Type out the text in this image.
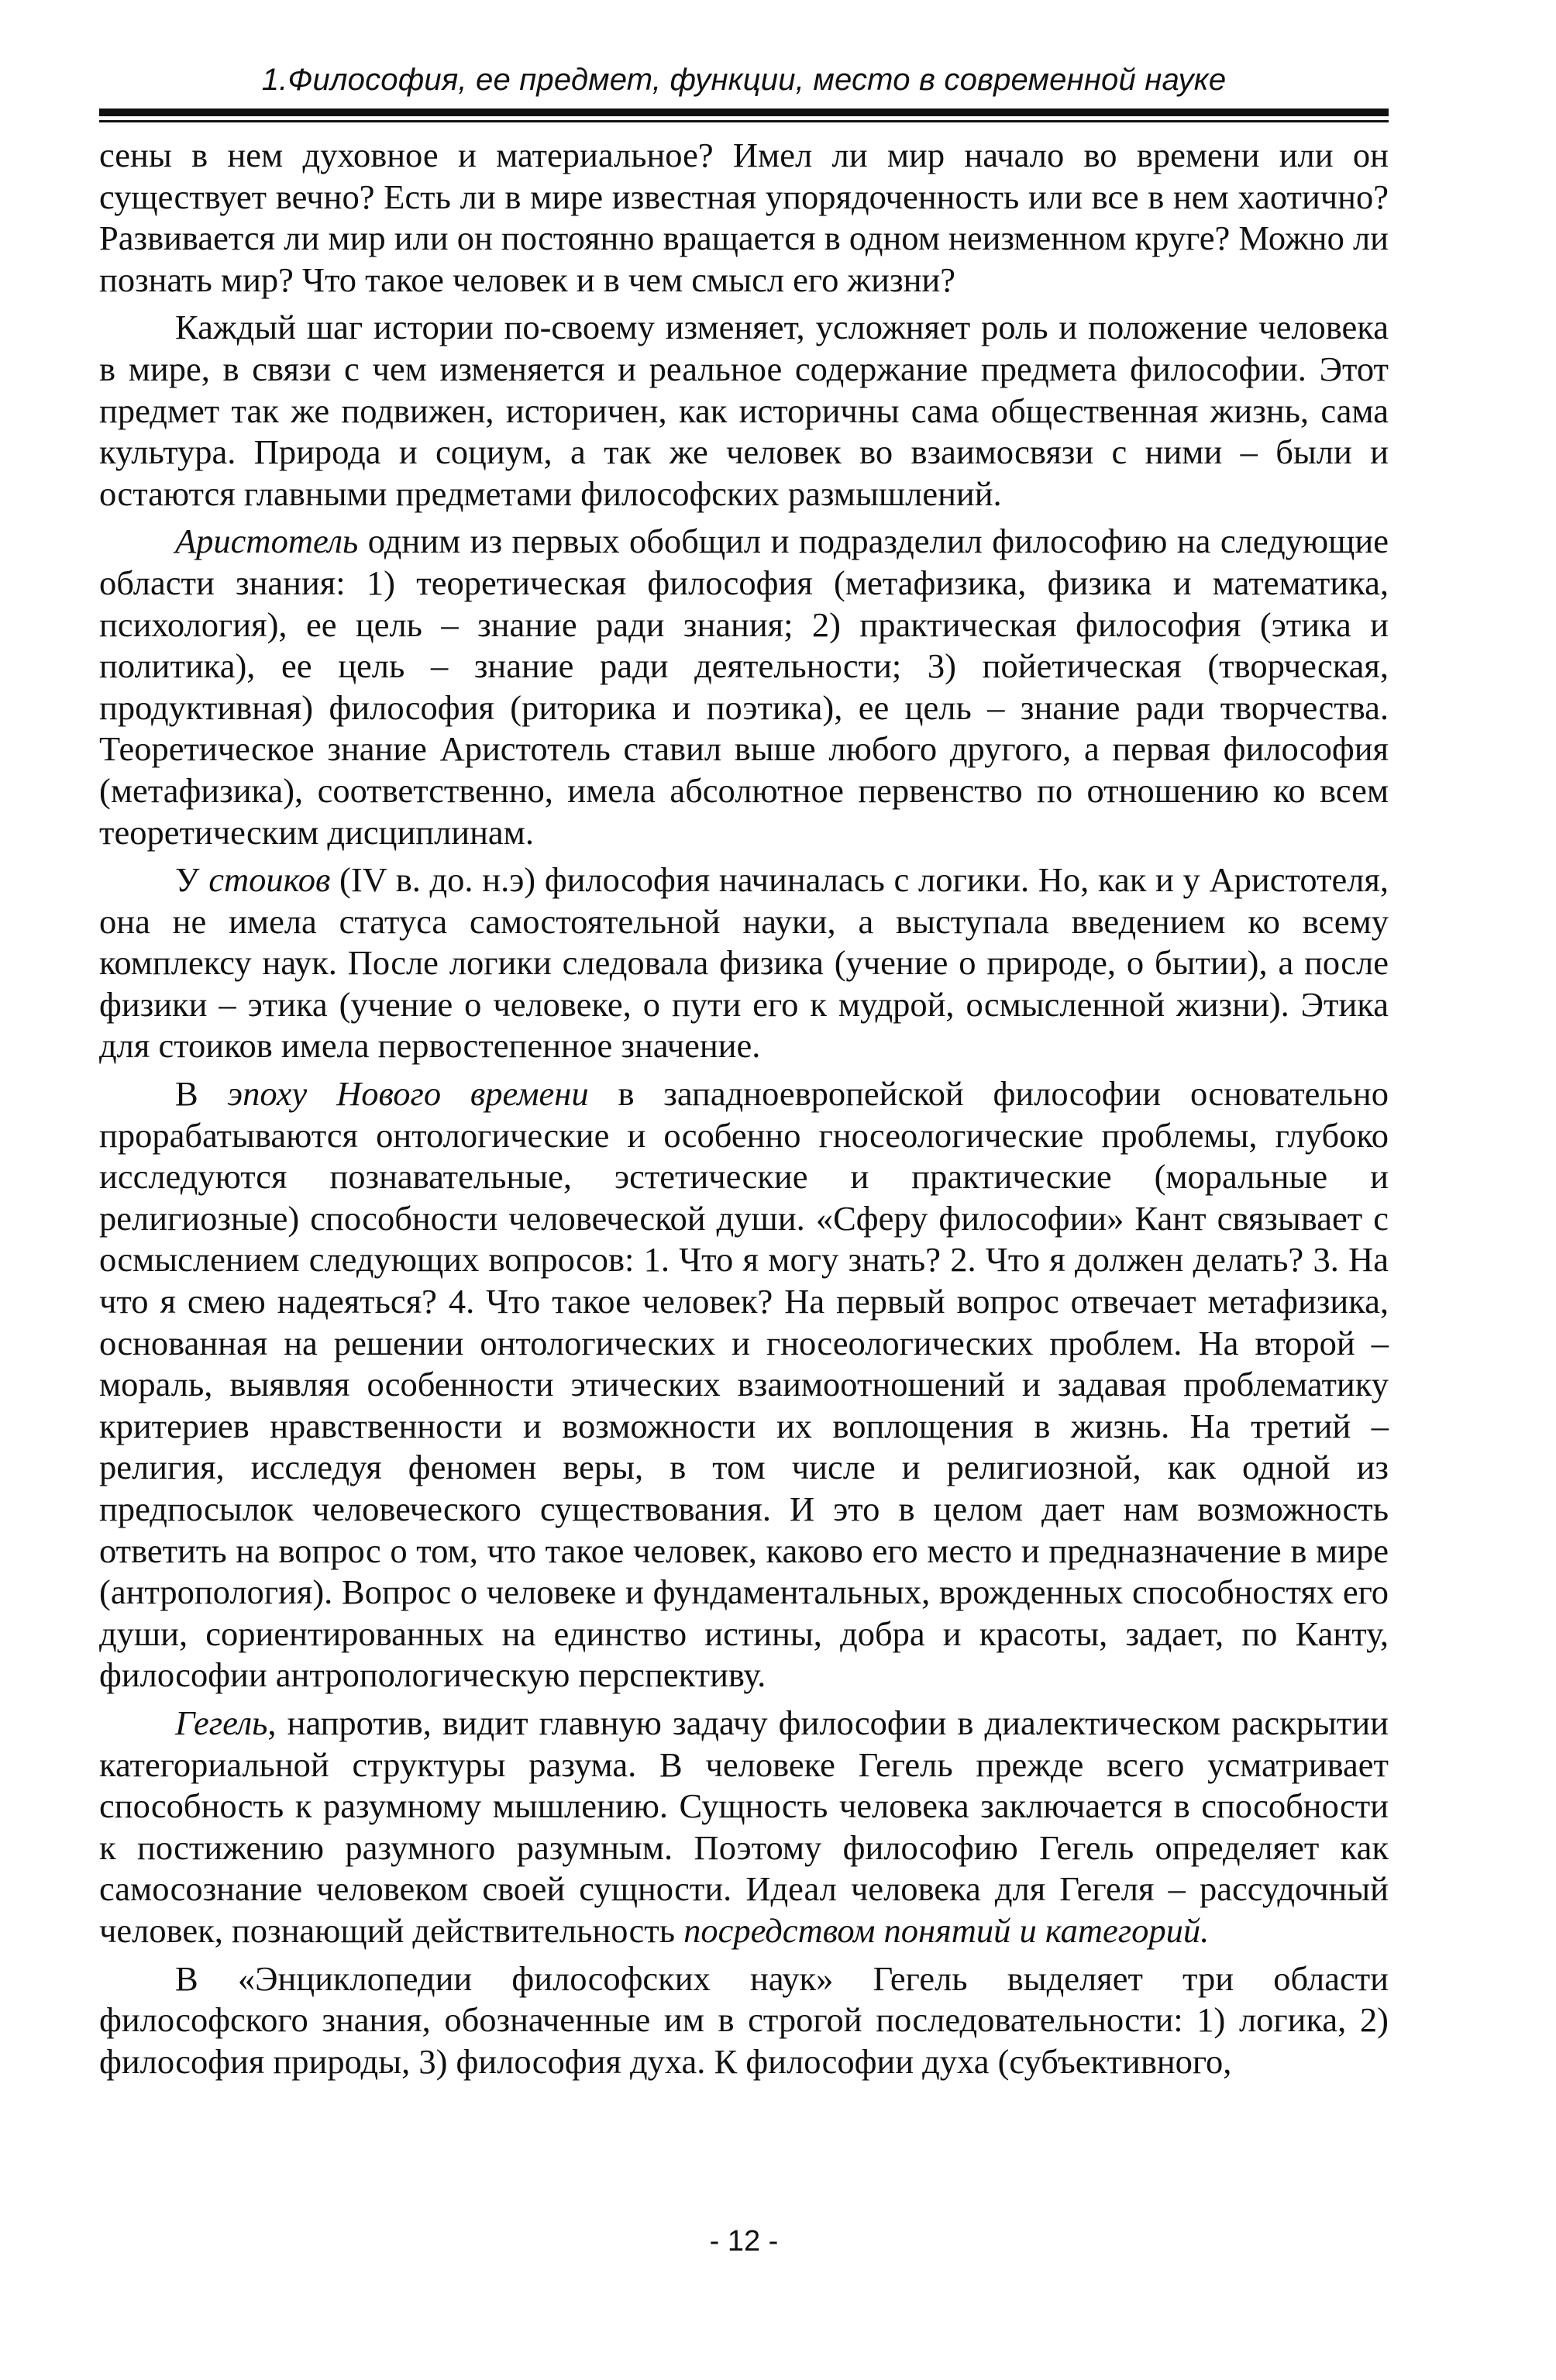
1.Философия, ее предмет, функции, место в современной науке

сены в нем духовное и материальное? Имел ли мир начало во времени или он существует вечно? Есть ли в мире известная упорядоченность или все в нем хаотично? Развивается ли мир или он постоянно вращается в одном неизменном круге? Можно ли познать мир? Что такое человек и в чем смысл его жизни?

Каждый шаг истории по-своему изменяет, усложняет роль и положение человека в мире, в связи с чем изменяется и реальное содержание предмета философии. Этот предмет так же подвижен, историчен, как историчны сама общественная жизнь, сама культура. Природа и социум, а так же человек во взаимосвязи с ними – были и остаются главными предметами философских размышлений.

Аристотель одним из первых обобщил и подразделил философию на следующие области знания: 1) теоретическая философия (метафизика, физика и математика, психология), ее цель – знание ради знания; 2) практическая философия (этика и политика), ее цель – знание ради деятельности; 3) пойетическая (творческая, продуктивная) философия (риторика и поэтика), ее цель – знание ради творчества. Теоретическое знание Аристотель ставил выше любого другого, а первая философия (метафизика), соответственно, имела абсолютное первенство по отношению ко всем теоретическим дисциплинам.

У стоиков (IV в. до. н.э) философия начиналась с логики. Но, как и у Аристотеля, она не имела статуса самостоятельной науки, а выступала введением ко всему комплексу наук. После логики следовала физика (учение о природе, о бытии), а после физики – этика (учение о человеке, о пути его к мудрой, осмысленной жизни). Этика для стоиков имела первостепенное значение.

В эпоху Нового времени в западноевропейской философии основательно прорабатываются онтологические и особенно гносеологические проблемы, глубоко исследуются познавательные, эстетические и практические (моральные и религиозные) способности человеческой души. «Сферу философии» Кант связывает с осмыслением следующих вопросов: 1. Что я могу знать? 2. Что я должен делать? 3. На что я смею надеяться? 4. Что такое человек? На первый вопрос отвечает метафизика, основанная на решении онтологических и гносеологических проблем. На второй – мораль, выявляя особенности этических взаимоотношений и задавая проблематику критериев нравственности и возможности их воплощения в жизнь. На третий – религия, исследуя феномен веры, в том числе и религиозной, как одной из предпосылок человеческого существования. И это в целом дает нам возможность ответить на вопрос о том, что такое человек, каково его место и предназначение в мире (антропология). Вопрос о человеке и фундаментальных, врожденных способностях его души, сориентированных на единство истины, добра и красоты, задает, по Канту, философии антропологическую перспективу.

Гегель, напротив, видит главную задачу философии в диалектическом раскрытии категориальной структуры разума. В человеке Гегель прежде всего усматривает способность к разумному мышлению. Сущность человека заключается в способности к постижению разумного разумным. Поэтому философию Гегель определяет как самосознание человеком своей сущности. Идеал человека для Гегеля – рассудочный человек, познающий действительность посредством понятий и категорий.

В «Энциклопедии философских наук» Гегель выделяет три области философского знания, обозначенные им в строгой последовательности: 1) логика, 2) философия природы, 3) философия духа. К философии духа (субъективного,

- 12 -
